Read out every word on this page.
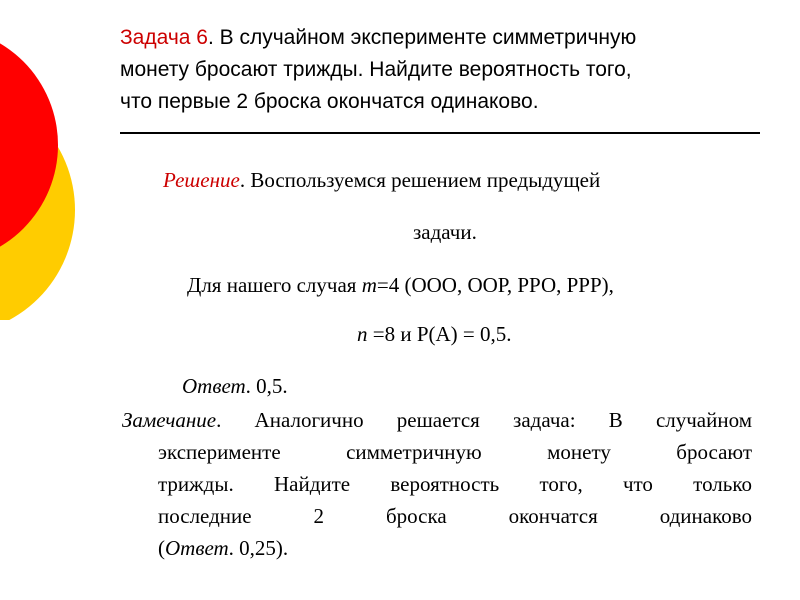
Задача 6. В случайном эксперименте симметричную
монету бросают трижды. Найдите вероятность того,
что первые 2 броска окончатся одинаково.
Решение. Воспользуемся решением предыдущей
задачи.
Для нашего случая m=4 (ООО, ООР, РРО, РРР),
n =8 и Р(А) = 0,5.
Ответ. 0,5.
Замечание. Аналогично решается задача: В случайном
эксперименте симметричную монету бросают
трижды. Найдите вероятность того, что только
последние 2 броска окончатся одинаково
(Ответ. 0,25).
